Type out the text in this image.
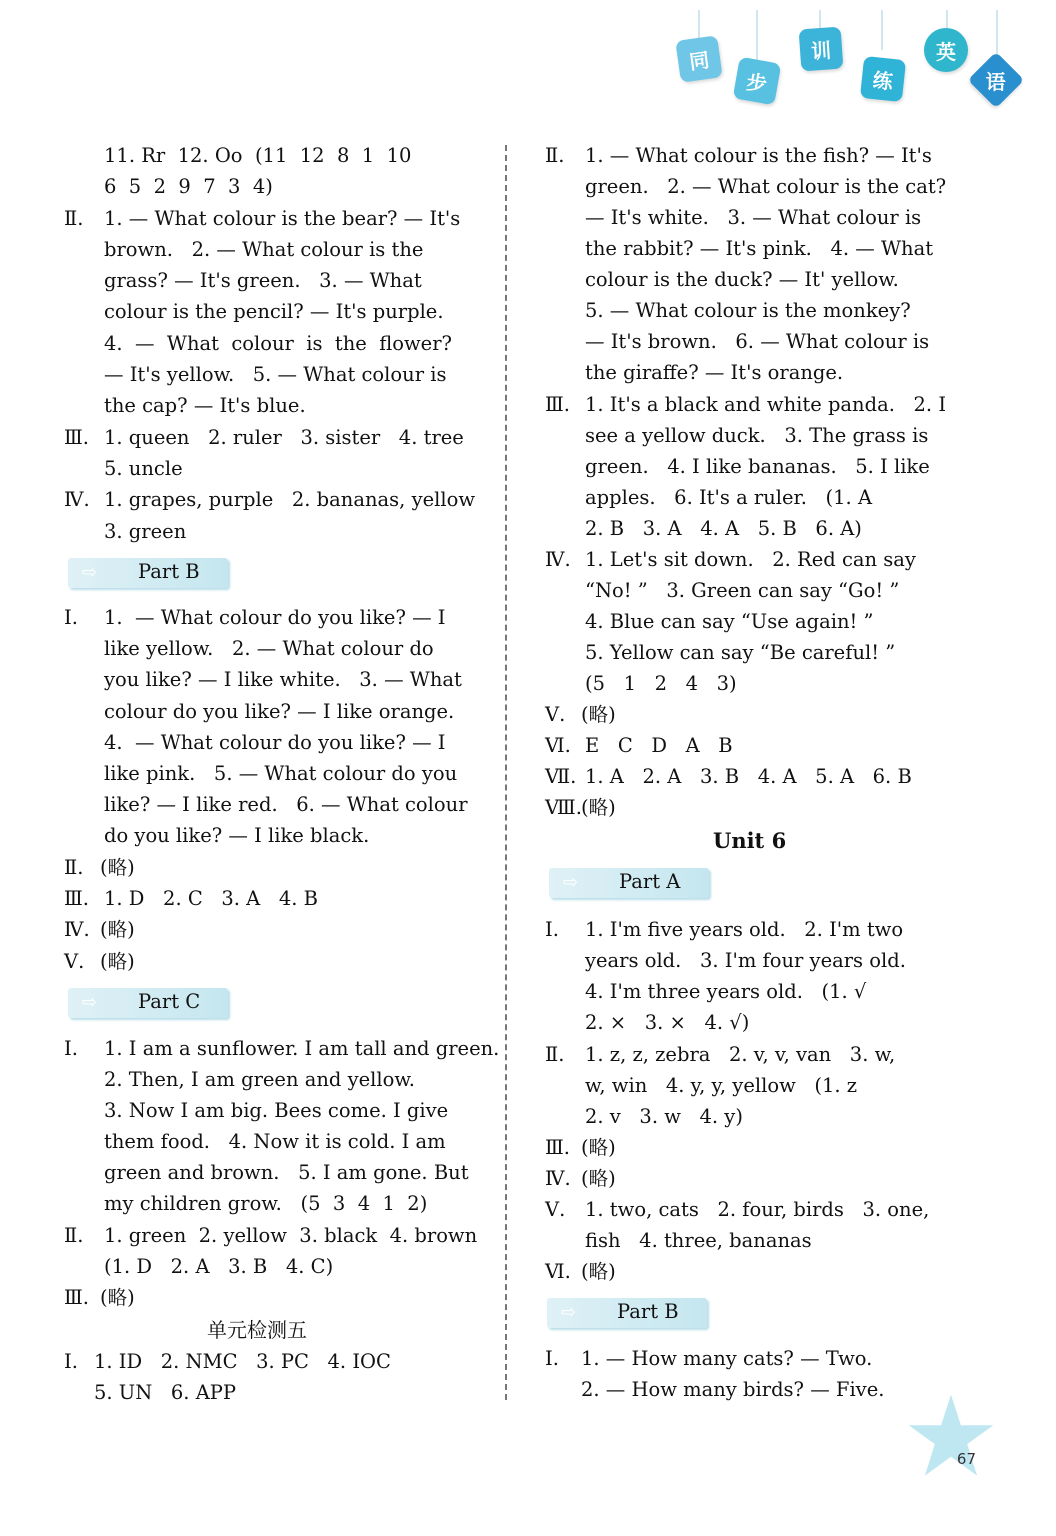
同
步
训
练
英
语
11. Rr  12. Oo  (11  12  8  1  10
6  5  2  9  7  3  4)
Ⅱ. 1. — What colour is the bear? — It's
brown.   2. — What colour is the
grass? — It's green.   3. — What
colour is the pencil? — It's purple.
4.  —  What  colour  is  the  flower?
— It's yellow.   5. — What colour is
the cap? — It's blue.
Ⅲ. 1. queen   2. ruler   3. sister   4. tree
5. uncle
Ⅳ. 1. grapes, purple   2. bananas, yellow
3. green
⇨ Part B
Ⅰ. 1.  — What colour do you like? — I
like yellow.   2. — What colour do
you like? — I like white.   3. — What
colour do you like? — I like orange.
4.  — What colour do you like? — I
like pink.   5. — What colour do you
like? — I like red.   6. — What colour
do you like? — I like black.
Ⅱ. (略)
Ⅲ. 1. D   2. C   3. A   4. B
Ⅳ. (略)
Ⅴ. (略)
⇨ Part C
Ⅰ. 1. I am a sunflower. I am tall and green.
2. Then, I am green and yellow.
3. Now I am big. Bees come. I give
them food.   4. Now it is cold. I am
green and brown.   5. I am gone. But
my children grow.   (5  3  4  1  2)
Ⅱ. 1. green  2. yellow  3. black  4. brown
(1. D   2. A   3. B   4. C)
Ⅲ. (略)
单元检测五
Ⅰ. 1. ID   2. NMC   3. PC   4. IOC
5. UN   6. APP
Ⅱ. 1. — What colour is the fish? — It's
green.   2. — What colour is the cat?
— It's white.   3. — What colour is
the rabbit? — It's pink.   4. — What
colour is the duck? — It' yellow.
5. — What colour is the monkey?
— It's brown.   6. — What colour is
the giraffe? — It's orange.
Ⅲ. 1. It's a black and white panda.   2. I
see a yellow duck.   3. The grass is
green.   4. I like bananas.   5. I like
apples.   6. It's a ruler.   (1. A
2. B   3. A   4. A   5. B   6. A)
Ⅳ. 1. Let's sit down.   2. Red can say
“No! ”   3. Green can say “Go! ”
4. Blue can say “Use again! ”
5. Yellow can say “Be careful! ”
(5   1   2   4   3)
Ⅴ. (略)
Ⅵ. E   C   D   A   B
Ⅶ. 1. A   2. A   3. B   4. A   5. A   6. B
Ⅷ. (略)
Unit 6
⇨ Part A
Ⅰ. 1. I'm five years old.   2. I'm two
years old.   3. I'm four years old.
4. I'm three years old.   (1. √
2. ×   3. ×   4. √)
Ⅱ. 1. z, z, zebra   2. v, v, van   3. w,
w, win   4. y, y, yellow   (1. z
2. v   3. w   4. y)
Ⅲ. (略)
Ⅳ. (略)
Ⅴ. 1. two, cats   2. four, birds   3. one,
fish   4. three, bananas
Ⅵ. (略)
⇨ Part B
Ⅰ. 1. — How many cats? — Two.
2. — How many birds? — Five.
67
